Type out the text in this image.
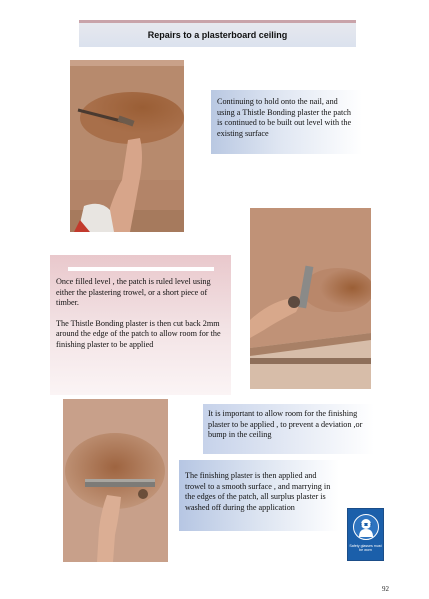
Repairs to a plasterboard ceiling
Continuing to hold onto the nail, and using a Thistle Bonding plaster the patch is continued to be built out level with the existing surface

Once filled level , the patch is ruled level using either the plastering trowel, or a short piece of timber.

The Thistle Bonding plaster is then cut back 2mm around the edge of the patch to allow room for the finishing plaster to be applied

It is important to allow room for the finishing plaster to be applied , to prevent a deviation ,or bump in the ceiling
The finishing plaster is then applied and trowel to a smooth surface , and marrying in the edges of the patch, all surplus plaster is washed off during the application
Safety glasses must be worn
92
